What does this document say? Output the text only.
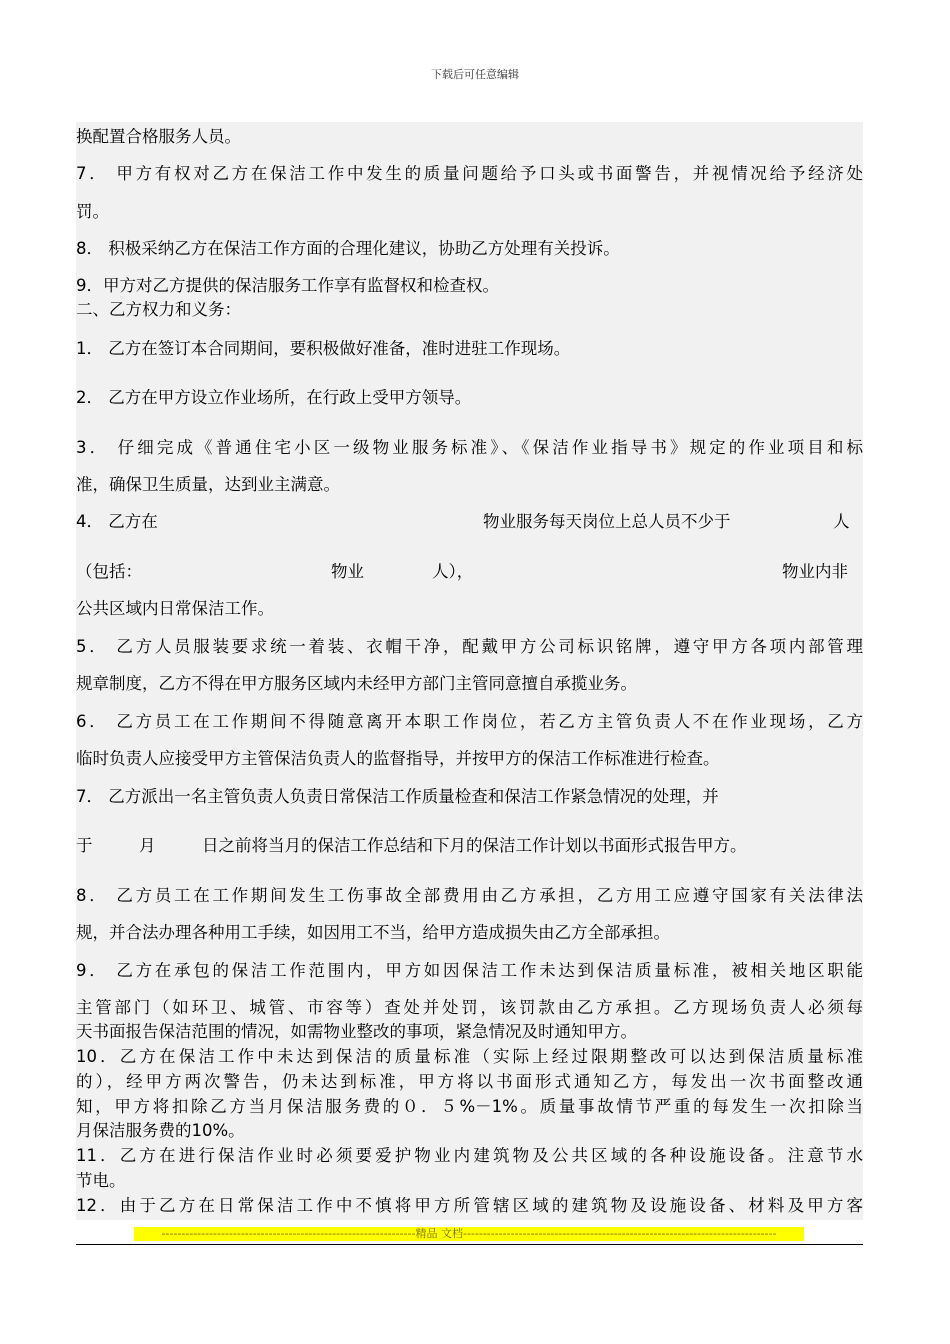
下载后可任意编辑
换配置合格服务人员。
7． 甲方有权对乙方在保洁工作中发生的质量问题给予口头或书面警告，并视情况给予经济处
罚。
8． 积极采纳乙方在保洁工作方面的合理化建议，协助乙方处理有关投诉。
9．甲方对乙方提供的保洁服务工作享有监督权和检查权。
二、乙方权力和义务：
1． 乙方在签订本合同期间，要积极做好准备，准时进驻工作现场。
2． 乙方在甲方设立作业场所，在行政上受甲方领导。
3． 仔细完成《普通住宅小区一级物业服务标准》、《保洁作业指导书》规定的作业项目和标
准，确保卫生质量，达到业主满意。
4． 乙方在	物业服务每天岗位上总人员不少于	人
（包括：	物业	人），	物业内非
公共区域内日常保洁工作。
5． 乙方人员服装要求统一着装、衣帽干净，配戴甲方公司标识铭牌，遵守甲方各项内部管理
规章制度，乙方不得在甲方服务区域内未经甲方部门主管同意擅自承揽业务。
6． 乙方员工在工作期间不得随意离开本职工作岗位，若乙方主管负责人不在作业现场，乙方
临时负责人应接受甲方主管保洁负责人的监督指导，并按甲方的保洁工作标准进行检查。
7． 乙方派出一名主管负责人负责日常保洁工作质量检查和保洁工作紧急情况的处理，并
于	月	日之前将当月的保洁工作总结和下月的保洁工作计划以书面形式报告甲方。
8． 乙方员工在工作期间发生工伤事故全部费用由乙方承担，乙方用工应遵守国家有关法律法
规，并合法办理各种用工手续，如因用工不当，给甲方造成损失由乙方全部承担。
9． 乙方在承包的保洁工作范围内，甲方如因保洁工作未达到保洁质量标准，被相关地区职能
主管部门（如环卫、城管、市容等）查处并处罚，该罚款由乙方承担。乙方现场负责人必须每
天书面报告保洁范围的情况，如需物业整改的事项，紧急情况及时通知甲方。
10．乙方在保洁工作中未达到保洁的质量标准（实际上经过限期整改可以达到保洁质量标准
的），经甲方两次警告，仍未达到标准，甲方将以书面形式通知乙方，每发出一次书面整改通
知，甲方将扣除乙方当月保洁服务费的０．５%－1%。质量事故情节严重的每发生一次扣除当
月保洁服务费的10%。
11．乙方在进行保洁作业时必须要爱护物业内建筑物及公共区域的各种设施设备。注意节水
节电。
12．由于乙方在日常保洁工作中不慎将甲方所管辖区域的建筑物及设施设备、材料及甲方客
----------------------------------------------------------------精品 文档-------------------------------------------------------------------------------
